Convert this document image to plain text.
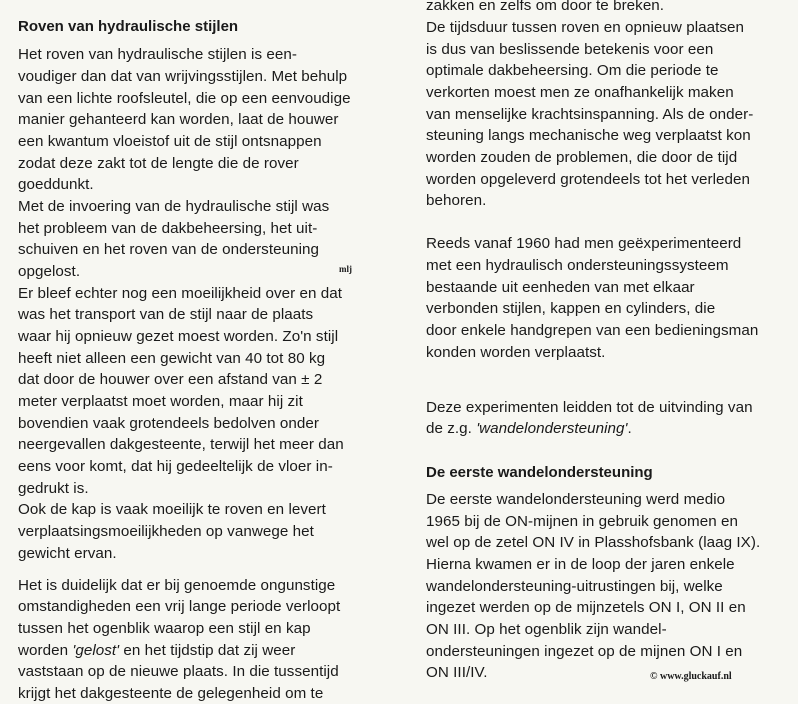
Roven van hydraulische stijlen
Het roven van hydraulische stijlen is een-
voudiger dan dat van wrijvingsstijlen. Met behulp
van een lichte roofsleutel, die op een eenvoudige
manier gehanteerd kan worden, laat de houwer
een kwantum vloeistof uit de stijl ontsnappen
zodat deze zakt tot de lengte die de rover
goeddunkt.
Met de invoering van de hydraulische stijl was
het probleem van de dakbeheersing, het uit-
schuiven en het roven van de ondersteuning
opgelost.	mlj
Er bleef echter nog een moeilijkheid over en dat
was het transport van de stijl naar de plaats
waar hij opnieuw gezet moest worden. Zo'n stijl
heeft niet alleen een gewicht van 40 tot 80 kg
dat door de houwer over een afstand van ± 2
meter verplaatst moet worden, maar hij zit
bovendien vaak grotendeels bedolven onder
neergevallen dakgesteente, terwijl het meer dan
eens voor komt, dat hij gedeeltelijk de vloer in-
gedrukt is.
Ook de kap is vaak moeilijk te roven en levert
verplaatsingsmoeilijkheden op vanwege het
gewicht ervan.
Het is duidelijk dat er bij genoemde ongunstige
omstandigheden een vrij lange periode verloopt
tussen het ogenblik waarop een stijl en kap
worden 'gelost' en het tijdstip dat zij weer
vaststaan op de nieuwe plaats. In die tussentijd
krijgt het dakgesteente de gelegenheid om te
zakken en zelfs om door te breken.
De tijdsduur tussen roven en opnieuw plaatsen
is dus van beslissende betekenis voor een
optimale dakbeheersing. Om die periode te
verkorten moest men ze onafhankelijk maken
van menselijke krachtsinspanning. Als de onder-
steuning langs mechanische weg verplaatst kon
worden zouden de problemen, die door de tijd
worden opgeleverd grotendeels tot het verleden
behoren.
Reeds vanaf 1960 had men geëxperimenteerd
met een hydraulisch ondersteuningssysteem
bestaande uit eenheden van met elkaar
verbonden stijlen, kappen en cylinders, die
door enkele handgrepen van een bedieningsman
konden worden verplaatst.
Deze experimenten leidden tot de uitvinding van
de z.g. 'wandelondersteuning'.
De eerste wandelondersteuning
De eerste wandelondersteuning werd medio
1965 bij de ON-mijnen in gebruik genomen en
wel op de zetel ON IV in Plasshofsbank (laag IX).
Hierna kwamen er in de loop der jaren enkele
wandelondersteuning-uitrustingen bij, welke
ingezet werden op de mijnzetels ON I, ON II en
ON III. Op het ogenblik zijn wandel-
ondersteuningen ingezet op de mijnen ON I en
ON III/IV.	© www.gluckauf.nl
